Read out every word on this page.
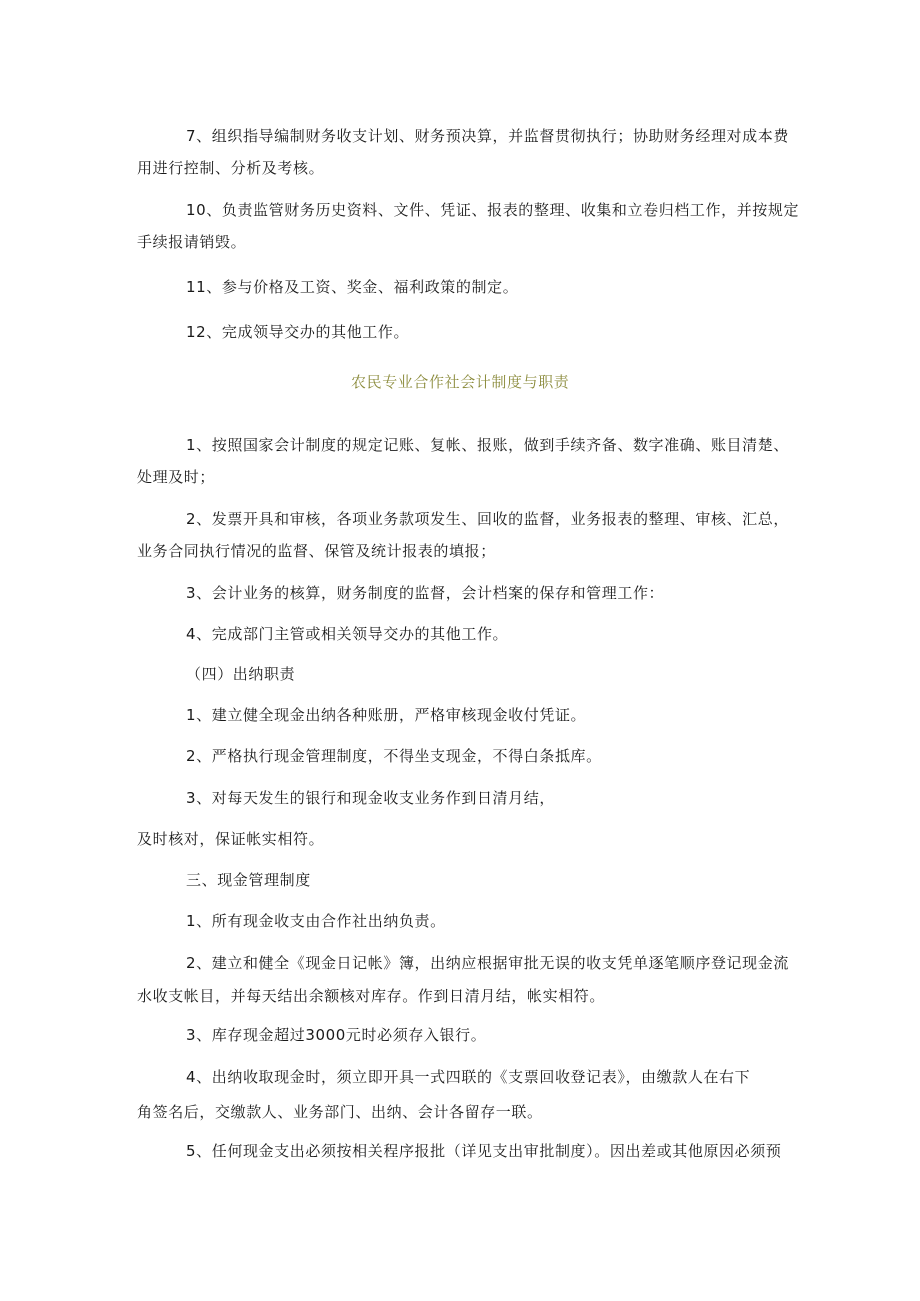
7、组织指导编制财务收支计划、财务预决算，并监督贯彻执行；协助财务经理对成本费
用进行控制、分析及考核。
10、负责监管财务历史资料、文件、凭证、报表的整理、收集和立卷归档工作，并按规定
手续报请销毁。
11、参与价格及工资、奖金、福利政策的制定。
12、完成领导交办的其他工作。
农民专业合作社会计制度与职责
1、按照国家会计制度的规定记账、复帐、报账，做到手续齐备、数字准确、账目清楚、
处理及时；
2、发票开具和审核，各项业务款项发生、回收的监督，业务报表的整理、审核、汇总，
业务合同执行情况的监督、保管及统计报表的填报；
3、会计业务的核算，财务制度的监督，会计档案的保存和管理工作：
4、完成部门主管或相关领导交办的其他工作。
（四）出纳职责
1、建立健全现金出纳各种账册，严格审核现金收付凭证。
2、严格执行现金管理制度，不得坐支现金，不得白条抵库。
3、对每天发生的银行和现金收支业务作到日清月结，
及时核对，保证帐实相符。
三、现金管理制度
1、所有现金收支由合作社出纳负责。
2、建立和健全《现金日记帐》簿，出纳应根据审批无误的收支凭单逐笔顺序登记现金流
水收支帐目，并每天结出余额核对库存。作到日清月结，帐实相符。
3、库存现金超过3000元时必须存入银行。
4、出纳收取现金时，须立即开具一式四联的《支票回收登记表》，由缴款人在右下
角签名后，交缴款人、业务部门、出纳、会计各留存一联。
5、任何现金支出必须按相关程序报批（详见支出审批制度）。因出差或其他原因必须预
